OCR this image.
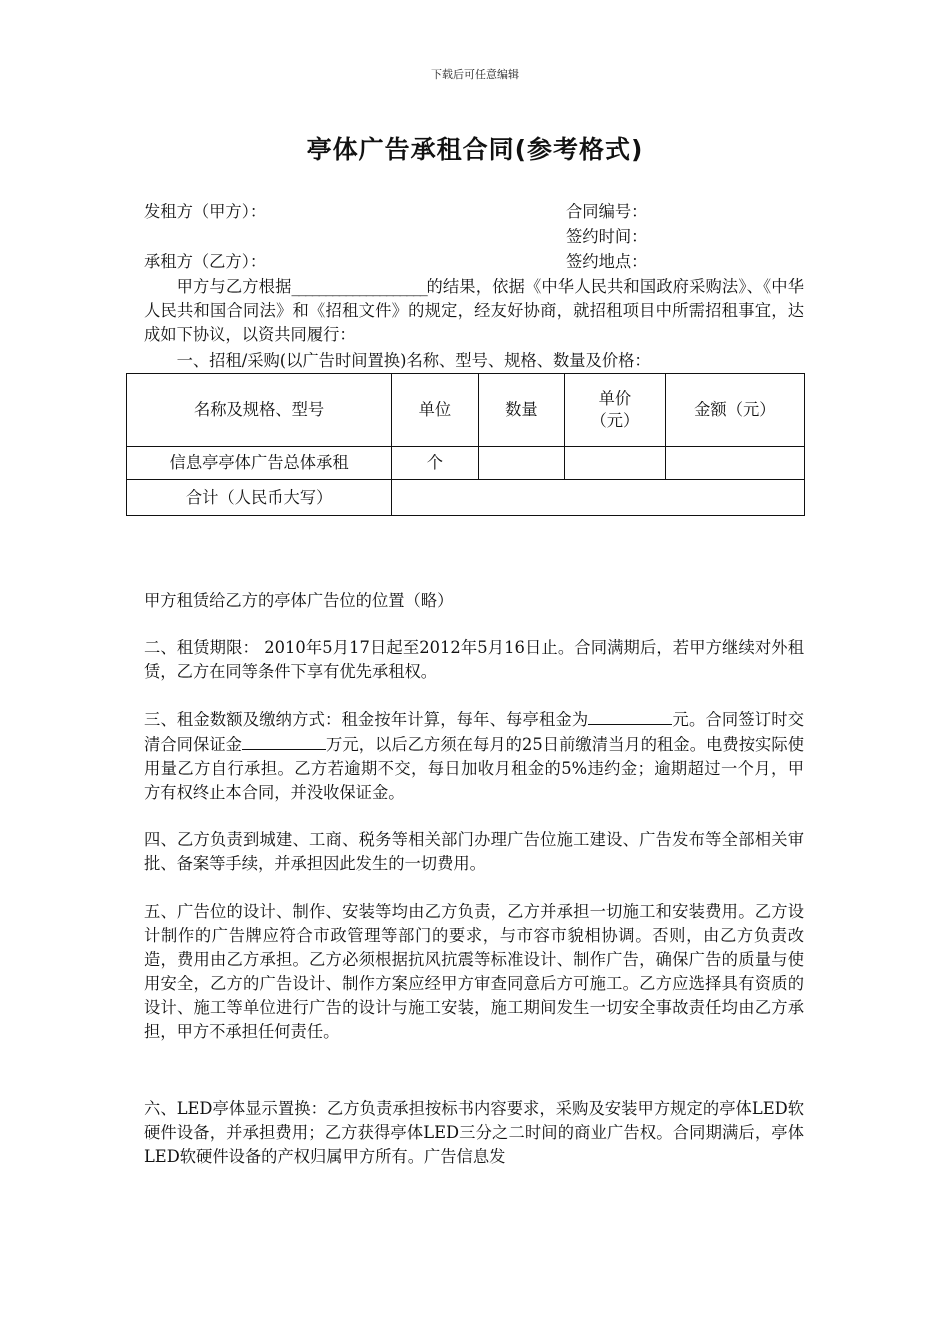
下载后可任意编辑
亭体广告承租合同(参考格式)
发租方（甲方）：	合同编号：
签约时间：
承租方（乙方）：	签约地点：

甲方与乙方根据____________________的结果，依据《中华人民共和国政府采购法》、《中华人民共和国合同法》和《招租文件》的规定，经友好协商，就招租项目中所需招租事宜，达成如下协议，以资共同履行：

一、招租/采购(以广告时间置换)名称、型号、规格、数量及价格：

名称及规格、型号	单位	数量	单价（元）	金额（元）
信息亭亭体广告总体承租	个			
合计（人民币大写）				

甲方租赁给乙方的亭体广告位的位置（略）

二、租赁期限： 2010年5月17日起至2012年5月16日止。合同满期后，若甲方继续对外租赁，乙方在同等条件下享有优先承租权。

三、租金数额及缴纳方式：租金按年计算，每年、每亭租金为	元。合同签订时交清合同保证金	万元，以后乙方须在每月的25日前缴清当月的租金。电费按实际使用量乙方自行承担。乙方若逾期不交，每日加收月租金的5%违约金；逾期超过一个月，甲方有权终止本合同，并没收保证金。

四、乙方负责到城建、工商、税务等相关部门办理广告位施工建设、广告发布等全部相关审批、备案等手续，并承担因此发生的一切费用。

五、广告位的设计、制作、安装等均由乙方负责，乙方并承担一切施工和安装费用。乙方设计制作的广告牌应符合市政管理等部门的要求，与市容市貌相协调。否则，由乙方负责改造，费用由乙方承担。乙方必须根据抗风抗震等标准设计、制作广告，确保广告的质量与使用安全，乙方的广告设计、制作方案应经甲方审查同意后方可施工。乙方应选择具有资质的设计、施工等单位进行广告的设计与施工安装，施工期间发生一切安全事故责任均由乙方承担，甲方不承担任何责任。

六、LED亭体显示置换：乙方负责承担按标书内容要求，采购及安装甲方规定的亭体LED软硬件设备，并承担费用；乙方获得亭体LED三分之二时间的商业广告权。合同期满后，亭体LED软硬件设备的产权归属甲方所有。广告信息发
